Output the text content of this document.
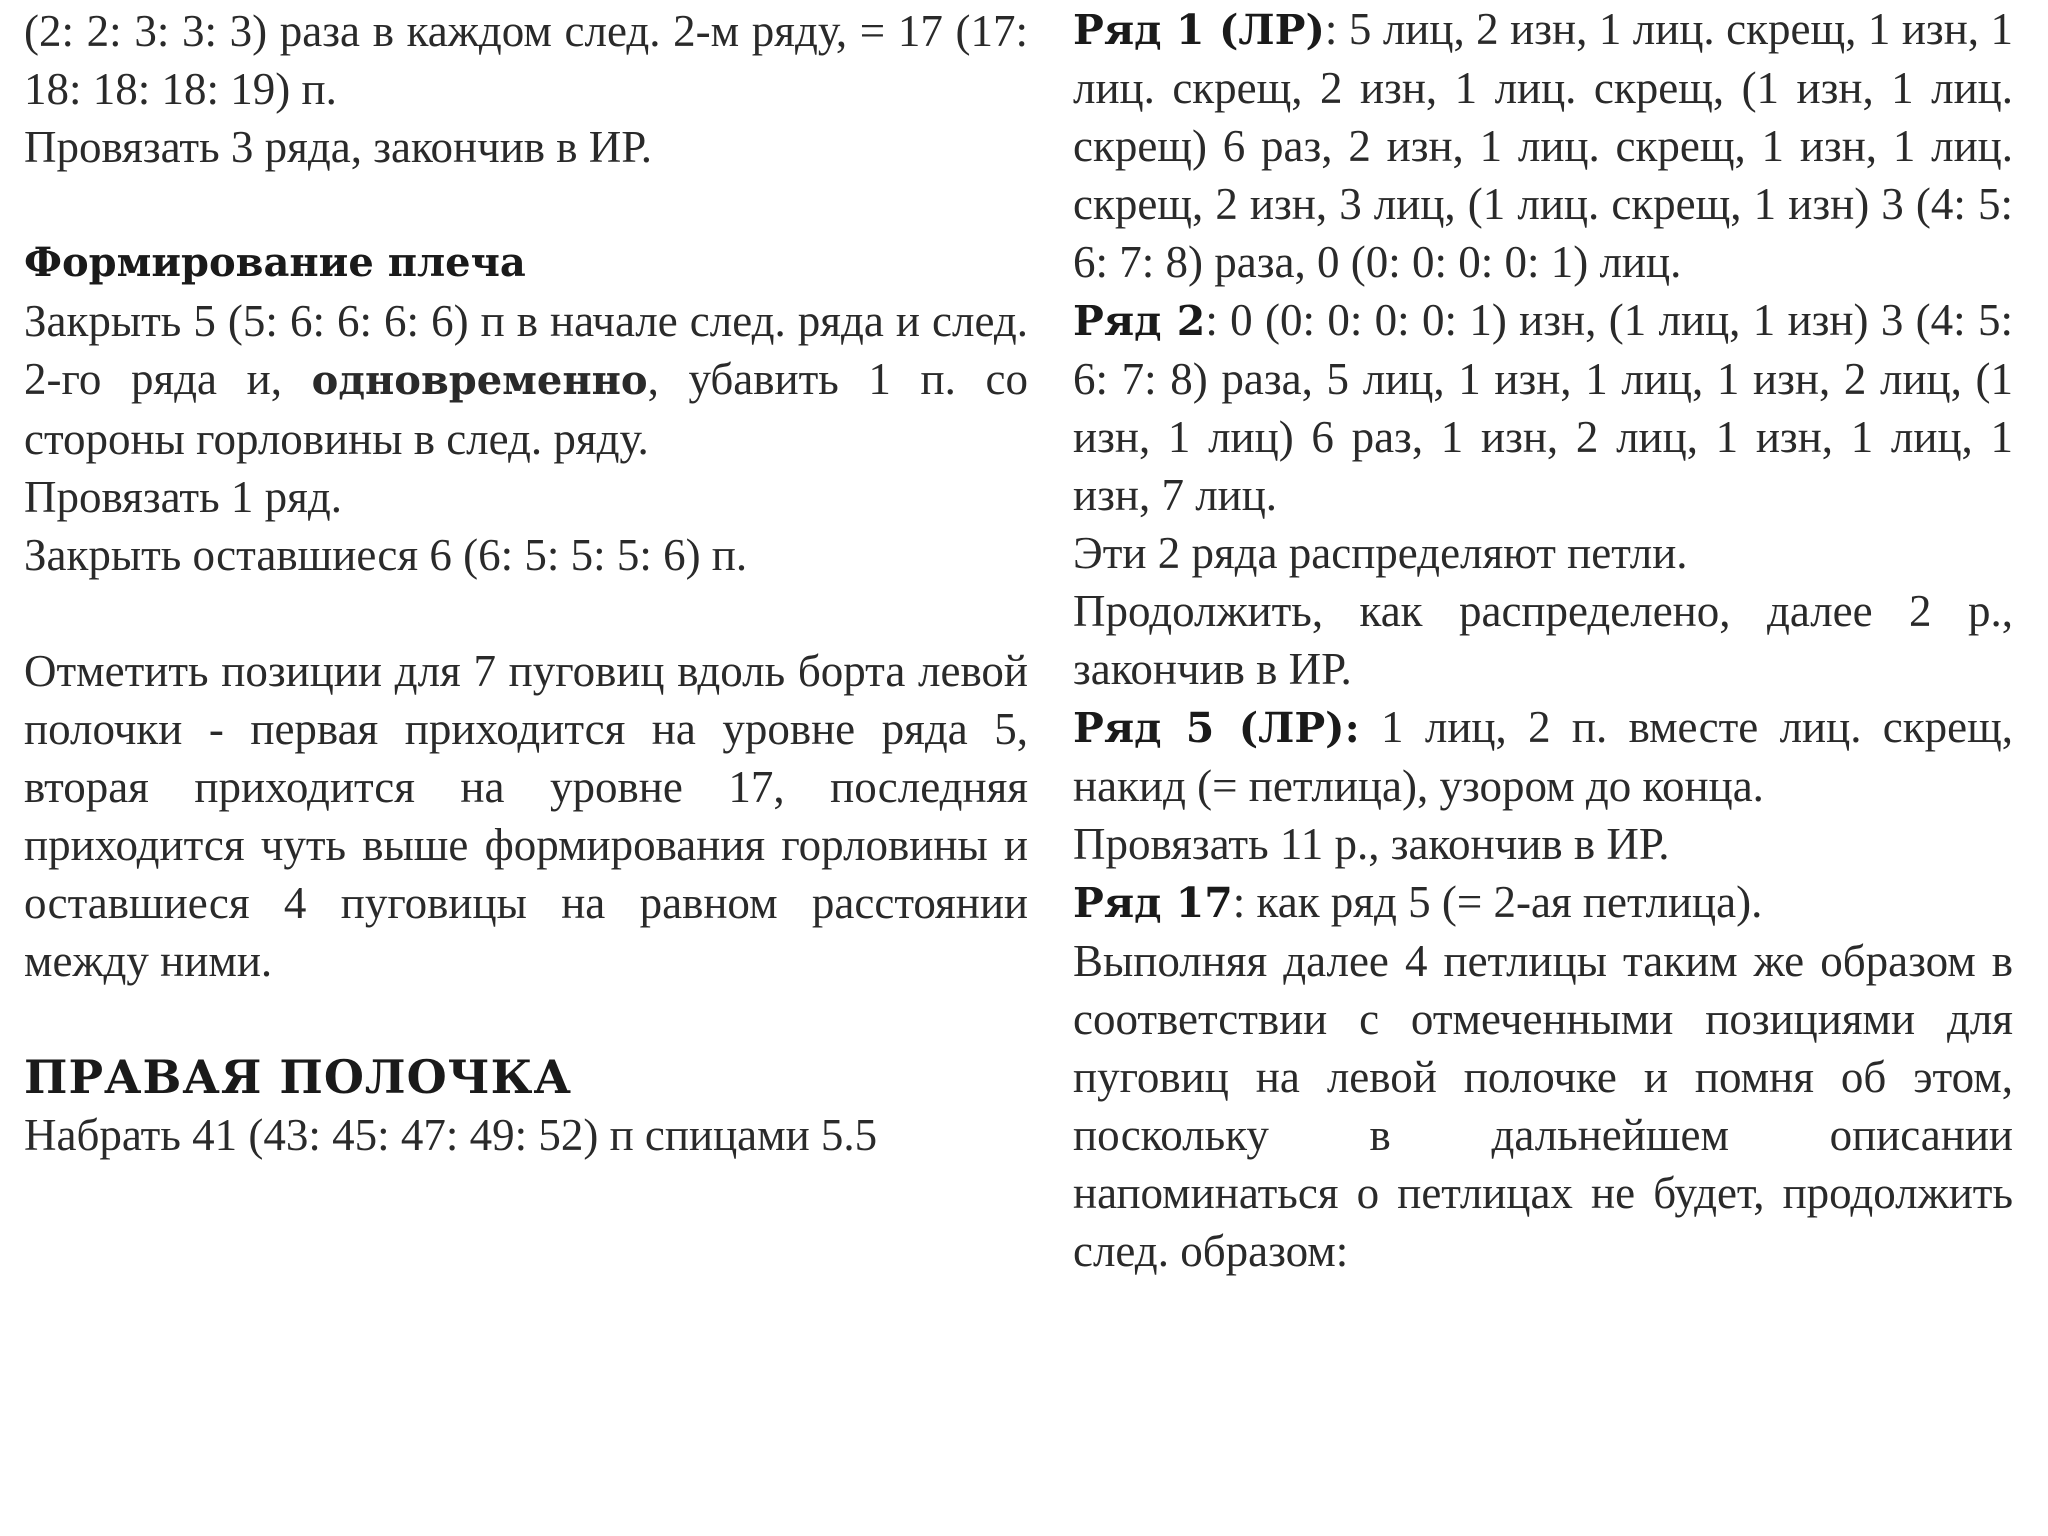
(2: 2: 3: 3: 3) раза в каждом след. 2-м ряду, = 17 (17: 18: 18: 18: 19) п.

Провязать 3 ряда, закончив в ИР.

Формирование плеча

Закрыть 5 (5: 6: 6: 6: 6) п в начале след. ряда и след. 2-го ряда и, одновременно, убавить 1 п. со стороны горловины в след. ряду.

Провязать 1 ряд.

Закрыть оставшиеся 6 (6: 5: 5: 5: 6) п.

Отметить позиции для 7 пуговиц вдоль борта левой полочки - первая приходится на уровне ряда 5, вторая приходится на уровне 17, последняя приходится чуть выше формирования горловины и оставшиеся 4 пуговицы на равном расстоянии между ними.

ПРАВАЯ ПОЛОЧКА

Набрать 41 (43: 45: 47: 49: 52) п спицами 5.5

Ряд 1 (ЛР): 5 лиц, 2 изн, 1 лиц. скрещ, 1 изн, 1 лиц. скрещ, 2 изн, 1 лиц. скрещ, (1 изн, 1 лиц. скрещ) 6 раз, 2 изн, 1 лиц. скрещ, 1 изн, 1 лиц. скрещ, 2 изн, 3 лиц, (1 лиц. скрещ, 1 изн) 3 (4: 5: 6: 7: 8) раза, 0 (0: 0: 0: 0: 1) лиц.

Ряд 2: 0 (0: 0: 0: 0: 1) изн, (1 лиц, 1 изн) 3 (4: 5: 6: 7: 8) раза, 5 лиц, 1 изн, 1 лиц, 1 изн, 2 лиц, (1 изн, 1 лиц) 6 раз, 1 изн, 2 лиц, 1 изн, 1 лиц, 1 изн, 7 лиц.

Эти 2 ряда распределяют петли.

Продолжить, как распределено, далее 2 р., закончив в ИР.

Ряд 5 (ЛР): 1 лиц, 2 п. вместе лиц. скрещ, накид (= петлица), узором до конца.

Провязать 11 р., закончив в ИР.

Ряд 17: как ряд 5 (= 2-ая петлица).

Выполняя далее 4 петлицы таким же образом в соответствии с отмеченными позициями для пуговиц на левой полочке и помня об этом, поскольку в дальнейшем описании напоминаться о петлицах не будет, продолжить след. образом:
